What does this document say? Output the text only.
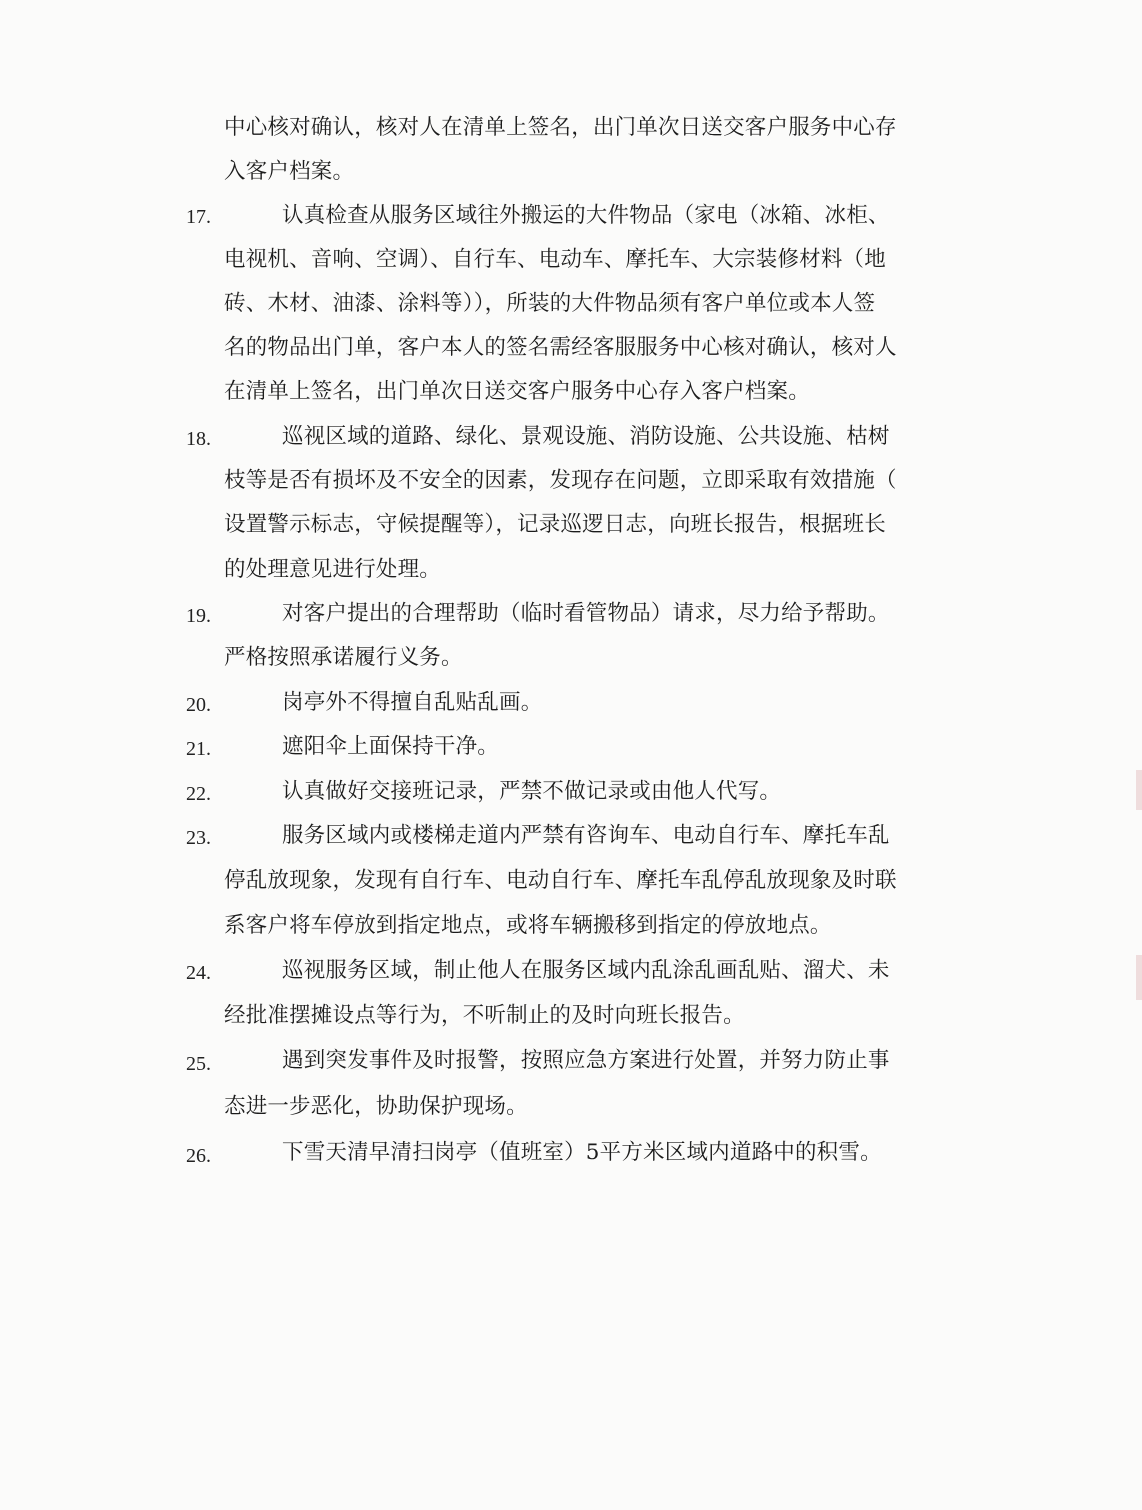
中心核对确认，核对人在清单上签名，出门单次日送交客户服务中心存
入客户档案。
17.	认真检查从服务区域往外搬运的大件物品（家电（冰箱、冰柜、
电视机、音响、空调）、自行车、电动车、摩托车、大宗装修材料（地
砖、木材、油漆、涂料等）），所装的大件物品须有客户单位或本人签
名的物品出门单，客户本人的签名需经客服服务中心核对确认，核对人
在清单上签名，出门单次日送交客户服务中心存入客户档案。
18.	巡视区域的道路、绿化、景观设施、消防设施、公共设施、枯树
枝等是否有损坏及不安全的因素，发现存在问题，立即采取有效措施（
设置警示标志，守候提醒等），记录巡逻日志，向班长报告，根据班长
的处理意见进行处理。
19.	对客户提出的合理帮助（临时看管物品）请求，尽力给予帮助。
严格按照承诺履行义务。
20.	岗亭外不得擅自乱贴乱画。
21.	遮阳伞上面保持干净。
22.	认真做好交接班记录，严禁不做记录或由他人代写。
23.	服务区域内或楼梯走道内严禁有咨询车、电动自行车、摩托车乱
停乱放现象，发现有自行车、电动自行车、摩托车乱停乱放现象及时联
系客户将车停放到指定地点，或将车辆搬移到指定的停放地点。
24.	巡视服务区域，制止他人在服务区域内乱涂乱画乱贴、溜犬、未
经批准摆摊设点等行为，不听制止的及时向班长报告。
25.	遇到突发事件及时报警，按照应急方案进行处置，并努力防止事
态进一步恶化，协助保护现场。
26.	下雪天清早清扫岗亭（值班室）5平方米区域内道路中的积雪。
